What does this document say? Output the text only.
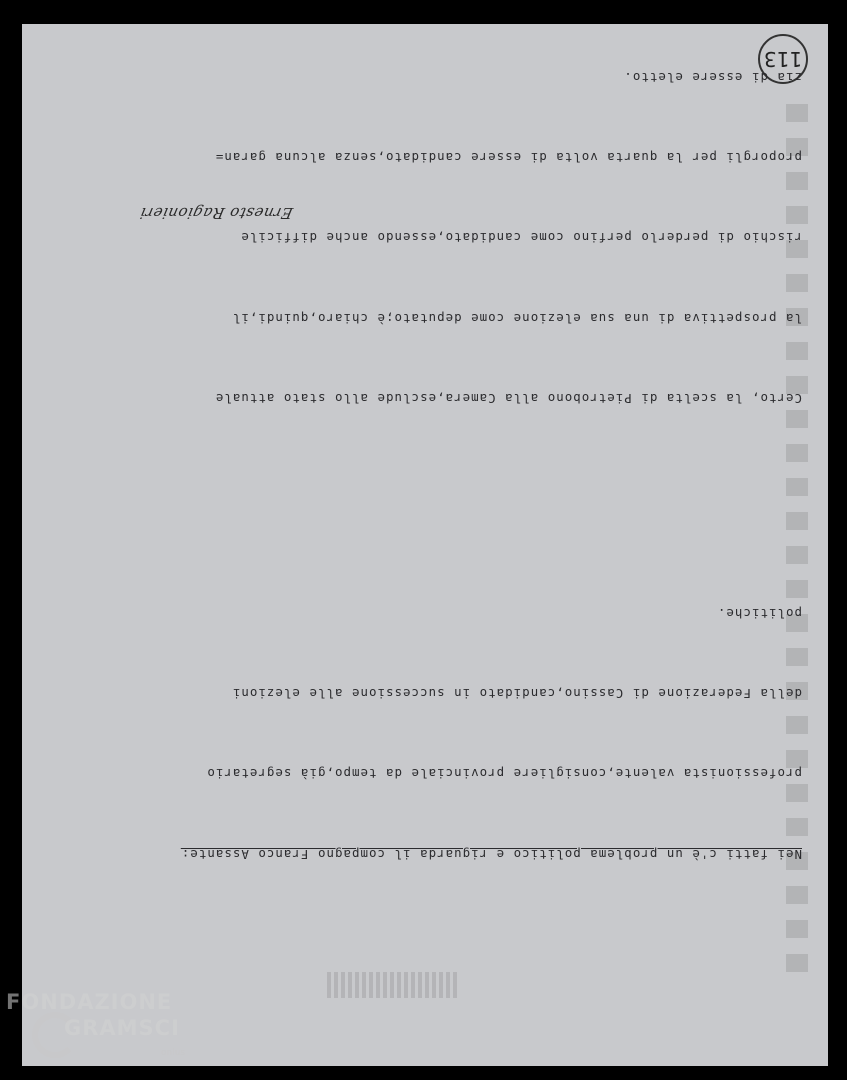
113
Ernesto Ragionieri

Nei fatti c'è un problema politico e riguarda il compagno Franco Assante:

professionista valente,consigliere provinciale da tempo,già segretario

della Federazione di Cassino,candidato in successione alle elezioni

politiche.

Certo, la scelta di Pietrobono alla Camera,esclude allo stato attuale

la prospettiva di una sua elezione come deputato;è chiaro,quindi,il

rischio di perderlo perfino come candidato,essendo anche difficile

proporgli per la quarta volta di essere candidato,senza alcuna garan=

zia di essere eletto.

FONDAZIONE
GRAMSCI
onlus
